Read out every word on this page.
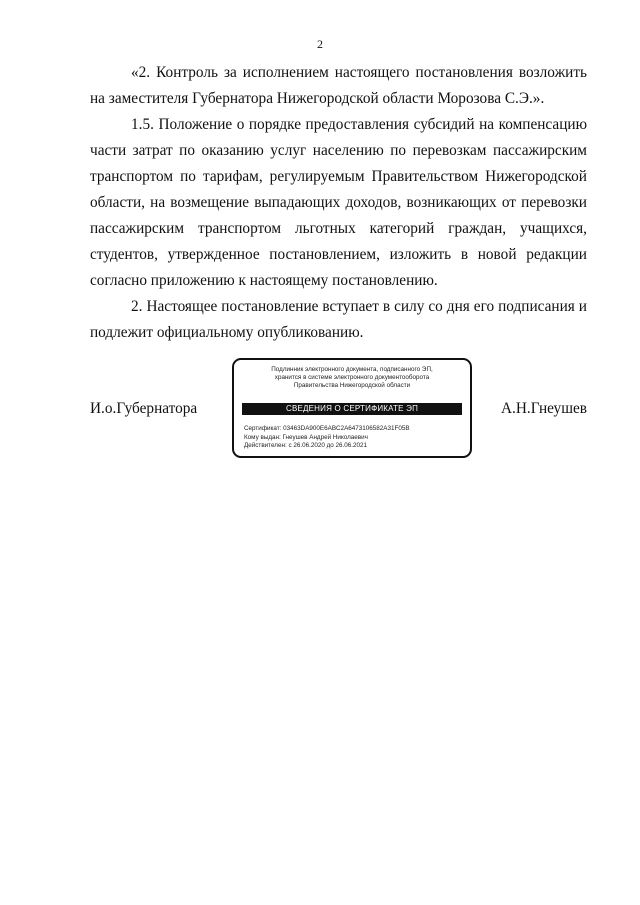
2

«2. Контроль за исполнением настоящего постановления возложить на заместителя Губернатора Нижегородской области Морозова С.Э.».

1.5. Положение о порядке предоставления субсидий на компенсацию части затрат по оказанию услуг населению по перевозкам пассажирским транспортом по тарифам, регулируемым Правительством Нижегородской области, на возмещение выпадающих доходов, возникающих от перевозки пассажирским транспортом льготных категорий граждан, учащихся, студентов, утвержденное постановлением, изложить в новой редакции согласно приложению к настоящему постановлению.

2. Настоящее постановление вступает в силу со дня его подписания и подлежит официальному опубликованию.

И.о.Губернатора
Подлинник электронного документа, подписанного ЭП,
хранится в системе электронного документооборота
Правительства Нижегородской области
СВЕДЕНИЯ О СЕРТИФИКАТЕ ЭП
Сертификат: 03463DA900E6ABC2A6473106582A31F05B
Кому выдан: Гнеушев Андрей Николаевич
Действителен: с 26.06.2020 до 26.06.2021
А.Н.Гнеушев
